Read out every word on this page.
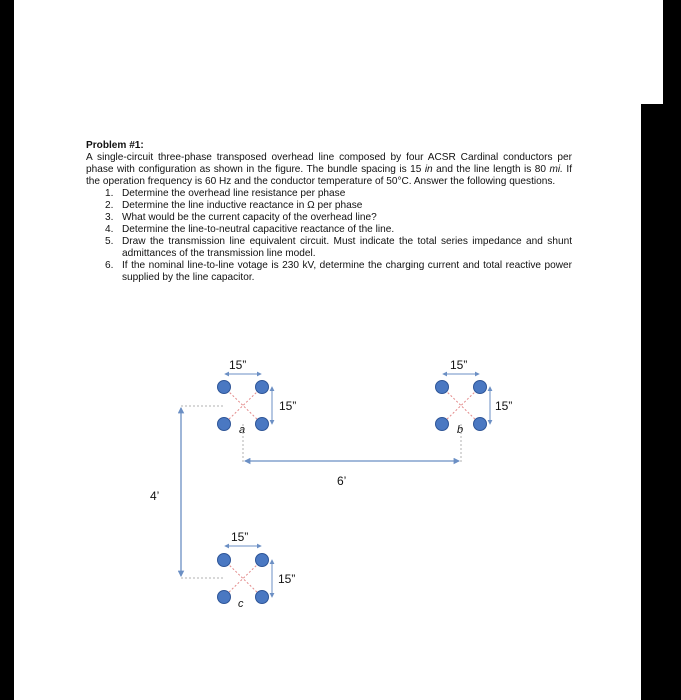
Problem #1:
A single-circuit three-phase transposed overhead line composed by four ACSR Cardinal conductors per phase with configuration as shown in the figure. The bundle spacing is 15 in and the line length is 80 mi. If the operation frequency is 60 Hz and the conductor temperature of 50°C. Answer the following questions.
1. Determine the overhead line resistance per phase
2. Determine the line inductive reactance in Ω per phase
3. What would be the current capacity of the overhead line?
4. Determine the line-to-neutral capacitive reactance of the line.
5. Draw the transmission line equivalent circuit. Must indicate the total series impedance and shunt admittances of the transmission line model.
6. If the nominal line-to-line votage is 230 kV, determine the charging current and total reactive power supplied by the line capacitor.
15”
15”
a
15”
15”
b
15”
15”
c
6’
4’
